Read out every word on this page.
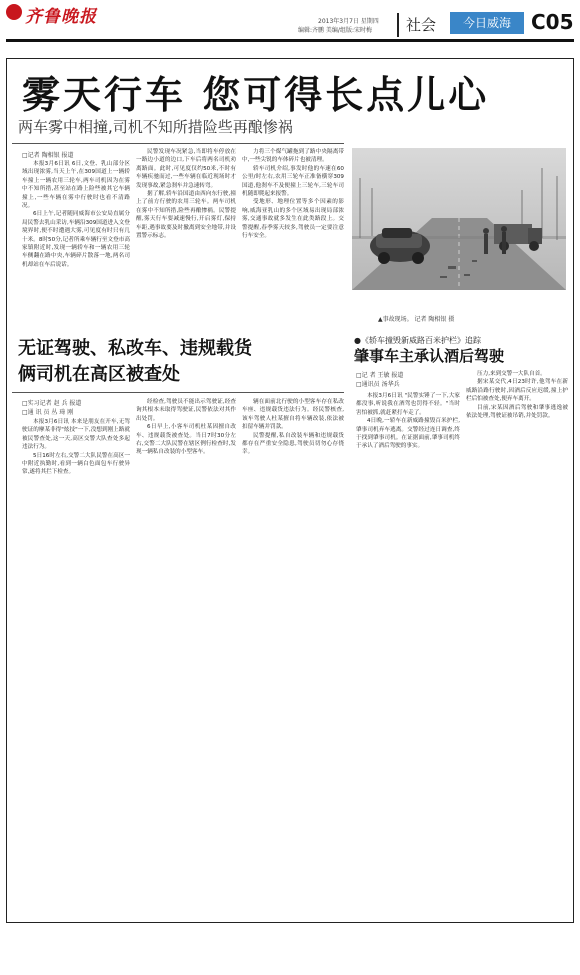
齐鲁晚报	2013年3月7日 星期四
编辑:齐鹏 美编/组版:宋时梅 社会	今日威海	C05
雾天行车 您可得长点儿心
两车雾中相撞,司机不知所措险些再酿惨祸
□记者 陶相银 报道

本报3月6日讯 6日,文登、乳山部分区域出现浓雾,当天上午,在309国道上一辆轿车撞上一辆农用三轮车,两车司机因为在雾中不知所措,甚至站在路上险些被其它车辆撞上,一些车辆在雾中行驶时也看不清路况。

6日上午,记者随同威海市公安局直属分局民警去乳山采访,车辆沿309国道进入文登境界时,便不时遭遇大雾,可见度有时只有几十米。8时50分,记者所乘车辆行至文登市高家镇附近时,发现一辆轿车和一辆农用三轮车侧翻在路中央,车辆碎片散落一地,两名司机却站在车后说话。

民警发现车况紧急,当即将车停放在一路边小道的边口,下车后将两名司机劝离路面。此时,可见度仅约50米,不时有车辆疾驰而过,一些车辆在临近现场时才发现事故,紧急刹车并急速转弯。

据了解,轿车沿国道由西向东行驶,撞上了前方行驶的农用三轮车。两车司机在雾中不知所措,险些再酿惨祸。民警提醒,雾天行车要减速慢行,开启雾灯,保持车距,遇事故要及时撤离到安全地带,并设置警示标志。

力将三个煤气罐拖到了路中央隔离带中,一些尖锐的车体碎片也被清理。

轿车司机介绍,事发时他的车速在60公里/时左右,农用三轮车正准备横穿309国道,他刹车不及便撞上三轮车,三轮车司机随即爬起来报警。

受地形、地理位置等多个因素的影响,威海亚乳山的多个区域易出现局部浓雾,交通事故就多发生在此类路段上。交警提醒,春季雾天较多,驾驶员一定要注意行车安全。

▲事故现场。 记者 陶相银 摄
无证驾驶、私改车、违规载货
俩司机在高区被查处
□实习记者 赵 兵 报道
□通 讯 员 丛 琦 刚

本报3月6日讯 本来是朋友在开车,无驾驶证的摩某非得"炫技"一下,没想到刚上路就被民警查处,这一天,高区交警大队查处多起违法行为。

5日16时左右,交警二大队民警在高区一中附近执勤时,看到一辆白色面包车行驶异常,遂将其拦下检查。

经检查,驾驶员不能出示驾驶证,经查询其根本未取得驾驶证,民警依法对其作出处罚。

6日早上,小客车司机杜某因擅自改车、违规载货被查处。当日7时30分左右,交警二大队民警在辖区例行检查时,发现一辆私自改装的小型客车。

辆在面前北行驶的小型客车存在私改车座、违规载货违法行为。经民警核查,该车驾驶人杜某擅自将车辆改装,依法被扣留车辆并罚款。

民警提醒,私自改装车辆和违规载货都存在严重安全隐患,驾驶员切勿心存侥幸。

●《轿车撞毁新威路百米护栏》追踪
肇事车主承认酒后驾驶
□记 者 王敏 报道
□通讯员 汤华兵

本报3月6日讯 "民警实锤了一下,大家都没事,听说我在酒驾也罚得不轻。"当时害怕被抓,就赶紧打车走了。

4日晚,一轿车在新威路撞毁百米护栏,肇事司机弃车逃离。交警经过连日调查,终于找到肇事司机。在证据面前,肇事司机终于承认了酒后驾驶的事实。

压力,来到交警一大队自首。

据宋某交代,4日23时许,他驾车在新威路沿路行驶时,因酒后反应迟缓,撞上护栏后怕被查处,便弃车离开。

目前,宋某因酒后驾驶和肇事逃逸被依法处理,驾驶证被吊销,并处罚款。
